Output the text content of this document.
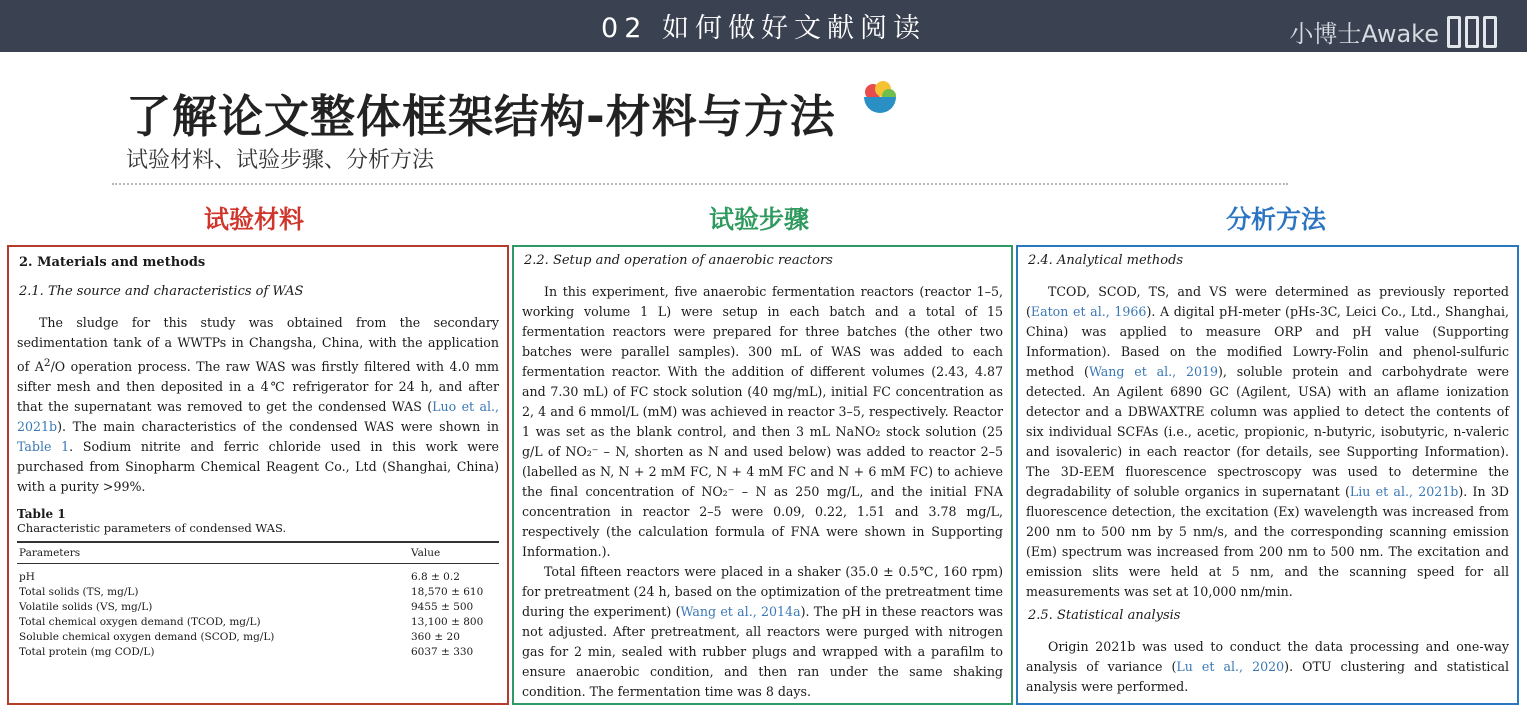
02 如何做好文献阅读	小博士Awake
了解论文整体框架结构-材料与方法
试验材料、试验步骤、分析方法
试验材料	试验步骤	分析方法
2. Materials and methods
2.1. The source and characteristics of WAS

The sludge for this study was obtained from the secondary sedimentation tank of a WWTPs in Changsha, China, with the application of $A^2/O$ operation process. The raw WAS was firstly filtered with 4.0 mm sifter mesh and then deposited in a 4℃ refrigerator for 24 h, and after that the supernatant was removed to get the condensed WAS (Luo et al., 2021b). The main characteristics of the condensed WAS were shown in Table 1. Sodium nitrite and ferric chloride used in this work were purchased from Sinopharm Chemical Reagent Co., Ltd (Shanghai, China) with a purity >99%.

Table 1
Characteristic parameters of condensed WAS.
Parameters	Value

pH	6.8 ± 0.2
Total solids (TS, mg/L)	18,570 ± 610
Volatile solids (VS, mg/L)	9455 ± 500
Total chemical oxygen demand (TCOD, mg/L)	13,100 ± 800
Soluble chemical oxygen demand (SCOD, mg/L)	360 ± 20
Total protein (mg COD/L)	6037 ± 330
2.2. Setup and operation of anaerobic reactors

In this experiment, five anaerobic fermentation reactors (reactor 1–5, working volume 1 L) were setup in each batch and a total of 15 fermentation reactors were prepared for three batches (the other two batches were parallel samples). 300 mL of WAS was added to each fermentation reactor. With the addition of different volumes (2.43, 4.87 and 7.30 mL) of FC stock solution (40 mg/mL), initial FC concentration as 2, 4 and 6 mmol/L (mM) was achieved in reactor 3–5, respectively. Reactor 1 was set as the blank control, and then 3 mL NaNO₂ stock solution (25 g/L of NO₂⁻ – N, shorten as N and used below) was added to reactor 2–5 (labelled as N, N + 2 mM FC, N + 4 mM FC and N + 6 mM FC) to achieve the final concentration of NO₂⁻ – N as 250 mg/L, and the initial FNA concentration in reactor 2–5 were 0.09, 0.22, 1.51 and 3.78 mg/L, respectively (the calculation formula of FNA were shown in Supporting Information.).

Total fifteen reactors were placed in a shaker (35.0 ± 0.5℃, 160 rpm) for pretreatment (24 h, based on the optimization of the pretreatment time during the experiment) (Wang et al., 2014a). The pH in these reactors was not adjusted. After pretreatment, all reactors were purged with nitrogen gas for 2 min, sealed with rubber plugs and wrapped with a parafilm to ensure anaerobic condition, and then ran under the same shaking condition. The fermentation time was 8 days.

2.4. Analytical methods

TCOD, SCOD, TS, and VS were determined as previously reported (Eaton et al., 1966). A digital pH-meter (pHs-3C, Leici Co., Ltd., Shanghai, China) was applied to measure ORP and pH value (Supporting Information). Based on the modified Lowry-Folin and phenol-sulfuric method (Wang et al., 2019), soluble protein and carbohydrate were detected. An Agilent 6890 GC (Agilent, USA) with an aflame ionization detector and a DBWAXTRE column was applied to detect the contents of six individual SCFAs (i.e., acetic, propionic, n-butyric, isobutyric, n-valeric and isovaleric) in each reactor (for details, see Supporting Information). The 3D-EEM fluorescence spectroscopy was used to determine the degradability of soluble organics in supernatant (Liu et al., 2021b). In 3D fluorescence detection, the excitation (Ex) wavelength was increased from 200 nm to 500 nm by 5 nm/s, and the corresponding scanning emission (Em) spectrum was increased from 200 nm to 500 nm. The excitation and emission slits were held at 5 nm, and the scanning speed for all measurements was set at 10,000 nm/min.

2.5. Statistical analysis

Origin 2021b was used to conduct the data processing and one-way analysis of variance (Lu et al., 2020). OTU clustering and statistical analysis were performed.
